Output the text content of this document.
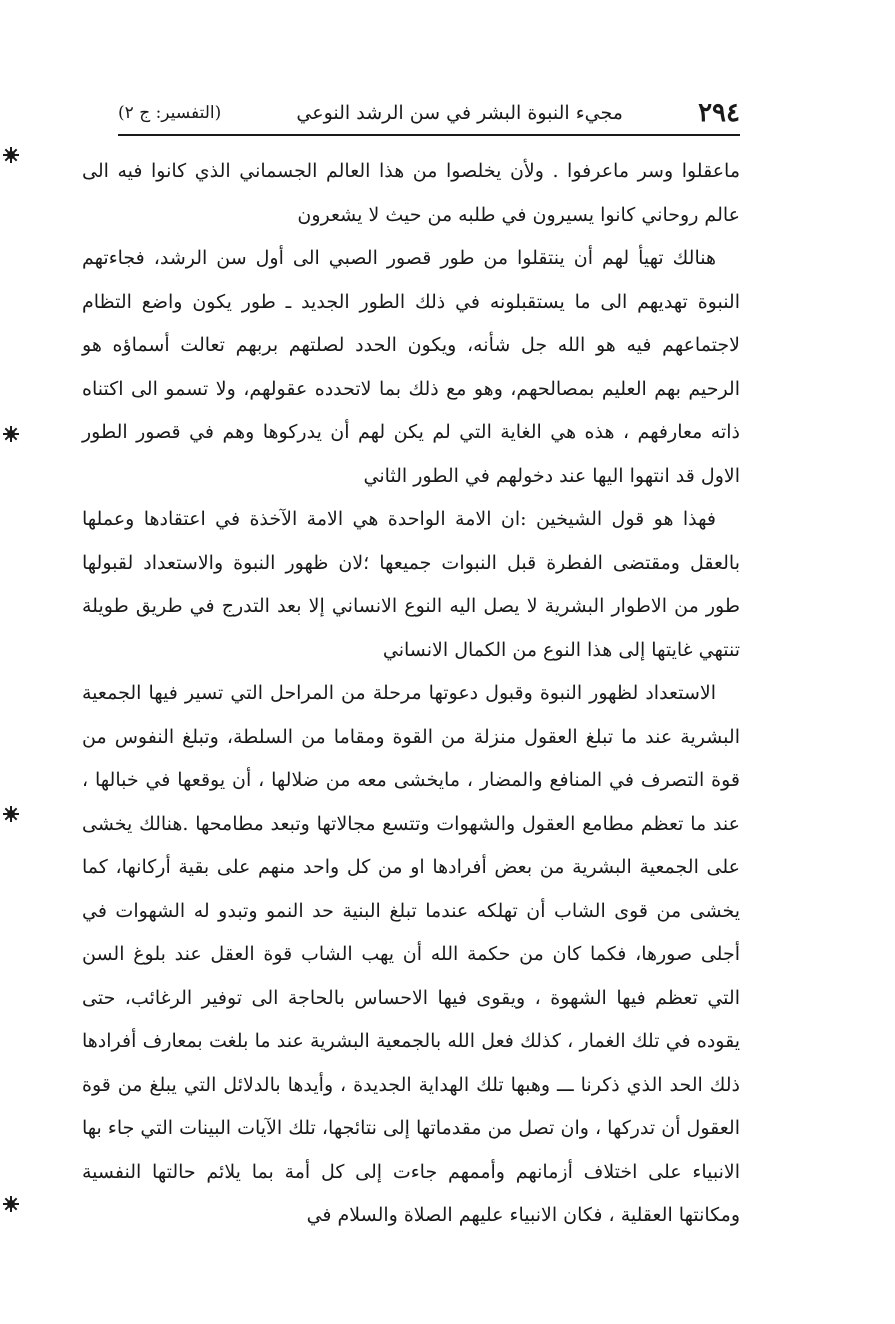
٢٩٤
مجيء النبوة البشر في سن الرشد النوعي
(التفسير: ج ٢)

ماعقلوا وسر ماعرفوا . ولأن يخلصوا من هذا العالم الجسماني الذي كانوا فيه الى عالم روحاني كانوا يسيرون في طلبه من حيث لا يشعرون

هنالك تهيأ لهم أن ينتقلوا من طور قصور الصبي الى أول سن الرشد، فجاءتهم النبوة تهديهم الى ما يستقبلونه في ذلك الطور الجديد ـ طور يكون واضع التظام لاجتماعهم فيه هو الله جل شأنه، ويكون الحدد لصلتهم بربهم تعالت أسماؤه هو الرحيم بهم العليم بمصالحهم، وهو مع ذلك بما لاتحدده عقولهم، ولا تسمو الى اكتناه ذاته معارفهم ، هذه هي الغاية التي لم يكن لهم أن يدركوها وهم في قصور الطور الاول قد انتهوا اليها عند دخولهم في الطور الثاني

فهذا هو قول الشيخين :ان الامة الواحدة هي الامة الآخذة في اعتقادها وعملها بالعقل ومقتضى الفطرة قبل النبوات جميعها ؛لان ظهور النبوة والاستعداد لقبولها طور من الاطوار البشرية لا يصل اليه النوع الانساني إلا بعد التدرج في طريق طويلة تنتهي غايتها إلى هذا النوع من الكمال الانساني

الاستعداد لظهور النبوة وقبول دعوتها مرحلة من المراحل التي تسير فيها الجمعية البشرية عند ما تبلغ العقول منزلة من القوة ومقاما من السلطة، وتبلغ النفوس من قوة التصرف في المنافع والمضار ، مايخشى معه من ضلالها ، أن يوقعها في خبالها ، عند ما تعظم مطامع العقول والشهوات وتتسع مجالاتها وتبعد مطامحها .هنالك يخشى على الجمعية البشرية من بعض أفرادها او من كل واحد منهم على بقية أركانها، كما يخشى من قوى الشاب أن تهلكه عندما تبلغ البنية حد النمو وتبدو له الشهوات في أجلى صورها، فكما كان من حكمة الله أن يهب الشاب قوة العقل عند بلوغ السن التي تعظم فيها الشهوة ، ويقوى فيها الاحساس بالحاجة الى توفير الرغائب، حتى يقوده في تلك الغمار ، كذلك فعل الله بالجمعية البشرية عند ما بلغت بمعارف أفرادها ذلك الحد الذي ذكرنا ـــ وهبها تلك الهداية الجديدة ، وأيدها بالدلائل التي يبلغ من قوة العقول أن تدركها ، وان تصل من مقدماتها إلى نتائجها، تلك الآيات البينات التي جاء بها الانبياء على اختلاف أزمانهم وأممهم جاءت إلى كل أمة بما يلائم حالتها النفسية ومكانتها العقلية ، فكان الانبياء عليهم الصلاة والسلام في
